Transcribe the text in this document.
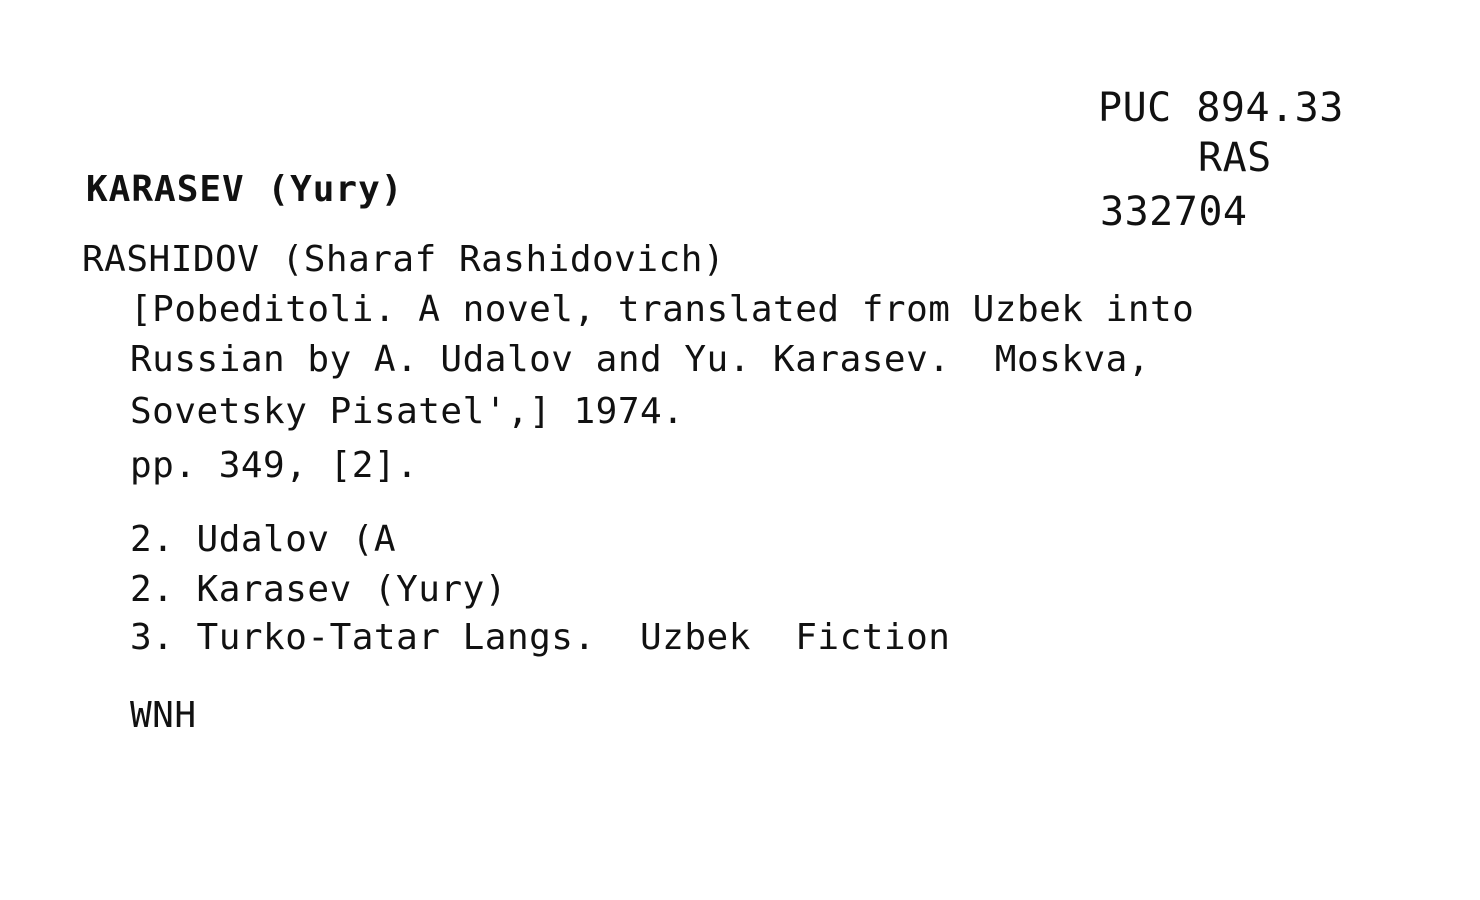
PUC 894.33
RAS
332704
KARASEV (Yury)
RASHIDOV (Sharaf Rashidovich)
[Pobeditoli. A novel, translated from Uzbek into
Russian by A. Udalov and Yu. Karasev.  Moskva,
Sovetsky Pisatel',] 1974.
pp. 349, [2].
2. Udalov (A
2. Karasev (Yury)
3. Turko-Tatar Langs.  Uzbek  Fiction
WNH
